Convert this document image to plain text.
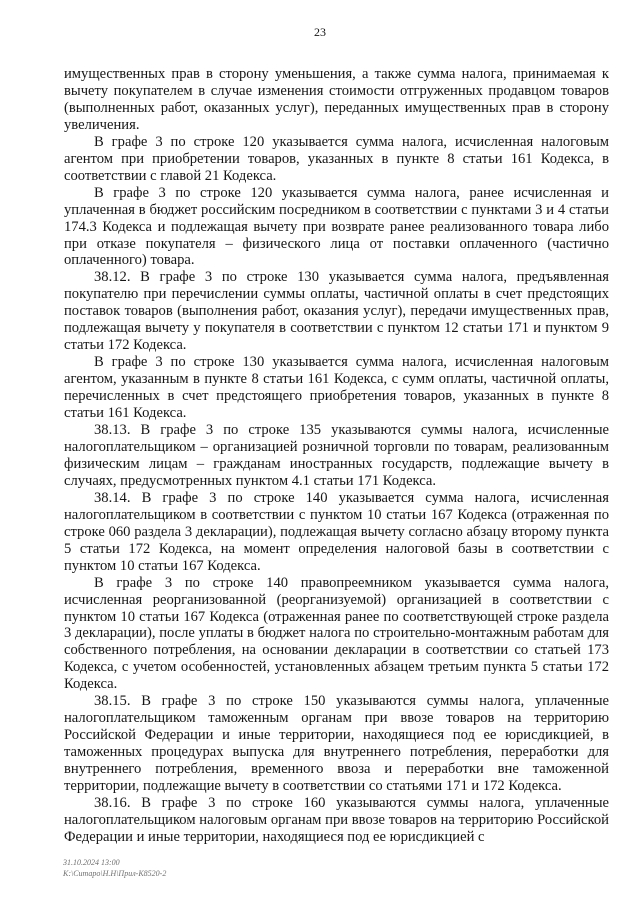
23

имущественных прав в сторону уменьшения, а также сумма налога, принимаемая к вычету покупателем в случае изменения стоимости отгруженных продавцом товаров (выполненных работ, оказанных услуг), переданных имущественных прав в сторону увеличения.

В графе 3 по строке 120 указывается сумма налога, исчисленная налоговым агентом при приобретении товаров, указанных в пункте 8 статьи 161 Кодекса, в соответствии с главой 21 Кодекса.

В графе 3 по строке 120 указывается сумма налога, ранее исчисленная и уплаченная в бюджет российским посредником в соответствии с пунктами 3 и 4 статьи 174.3 Кодекса и подлежащая вычету при возврате ранее реализованного товара либо при отказе покупателя – физического лица от поставки оплаченного (частично оплаченного) товара.

38.12. В графе 3 по строке 130 указывается сумма налога, предъявленная покупателю при перечислении суммы оплаты, частичной оплаты в счет предстоящих поставок товаров (выполнения работ, оказания услуг), передачи имущественных прав, подлежащая вычету у покупателя в соответствии с пунктом 12 статьи 171 и пунктом 9 статьи 172 Кодекса.

В графе 3 по строке 130 указывается сумма налога, исчисленная налоговым агентом, указанным в пункте 8 статьи 161 Кодекса, с сумм оплаты, частичной оплаты, перечисленных в счет предстоящего приобретения товаров, указанных в пункте 8 статьи 161 Кодекса.

38.13. В графе 3 по строке 135 указываются суммы налога, исчисленные налогоплательщиком – организацией розничной торговли по товарам, реализованным физическим лицам – гражданам иностранных государств, подлежащие вычету в случаях, предусмотренных пунктом 4.1 статьи 171 Кодекса.

38.14. В графе 3 по строке 140 указывается сумма налога, исчисленная налогоплательщиком в соответствии с пунктом 10 статьи 167 Кодекса (отраженная по строке 060 раздела 3 декларации), подлежащая вычету согласно абзацу второму пункта 5 статьи 172 Кодекса, на момент определения налоговой базы в соответствии с пунктом 10 статьи 167 Кодекса.

В графе 3 по строке 140 правопреемником указывается сумма налога, исчисленная реорганизованной (реорганизуемой) организацией в соответствии с пунктом 10 статьи 167 Кодекса (отраженная ранее по соответствующей строке раздела 3 декларации), после уплаты в бюджет налога по строительно-монтажным работам для собственного потребления, на основании декларации в соответствии со статьей 173 Кодекса, с учетом особенностей, установленных абзацем третьим пункта 5 статьи 172 Кодекса.

38.15. В графе 3 по строке 150 указываются суммы налога, уплаченные налогоплательщиком таможенным органам при ввозе товаров на территорию Российской Федерации и иные территории, находящиеся под ее юрисдикцией, в таможенных процедурах выпуска для внутреннего потребления, переработки для внутреннего потребления, временного ввоза и переработки вне таможенной территории, подлежащие вычету в соответствии со статьями 171 и 172 Кодекса.

38.16. В графе 3 по строке 160 указываются суммы налога, уплаченные налогоплательщиком налоговым органам при ввозе товаров на территорию Российской Федерации и иные территории, находящиеся под ее юрисдикцией с

31.10.2024 13:00
К:\Ситаро\Н.Н\Прил-К8520-2
